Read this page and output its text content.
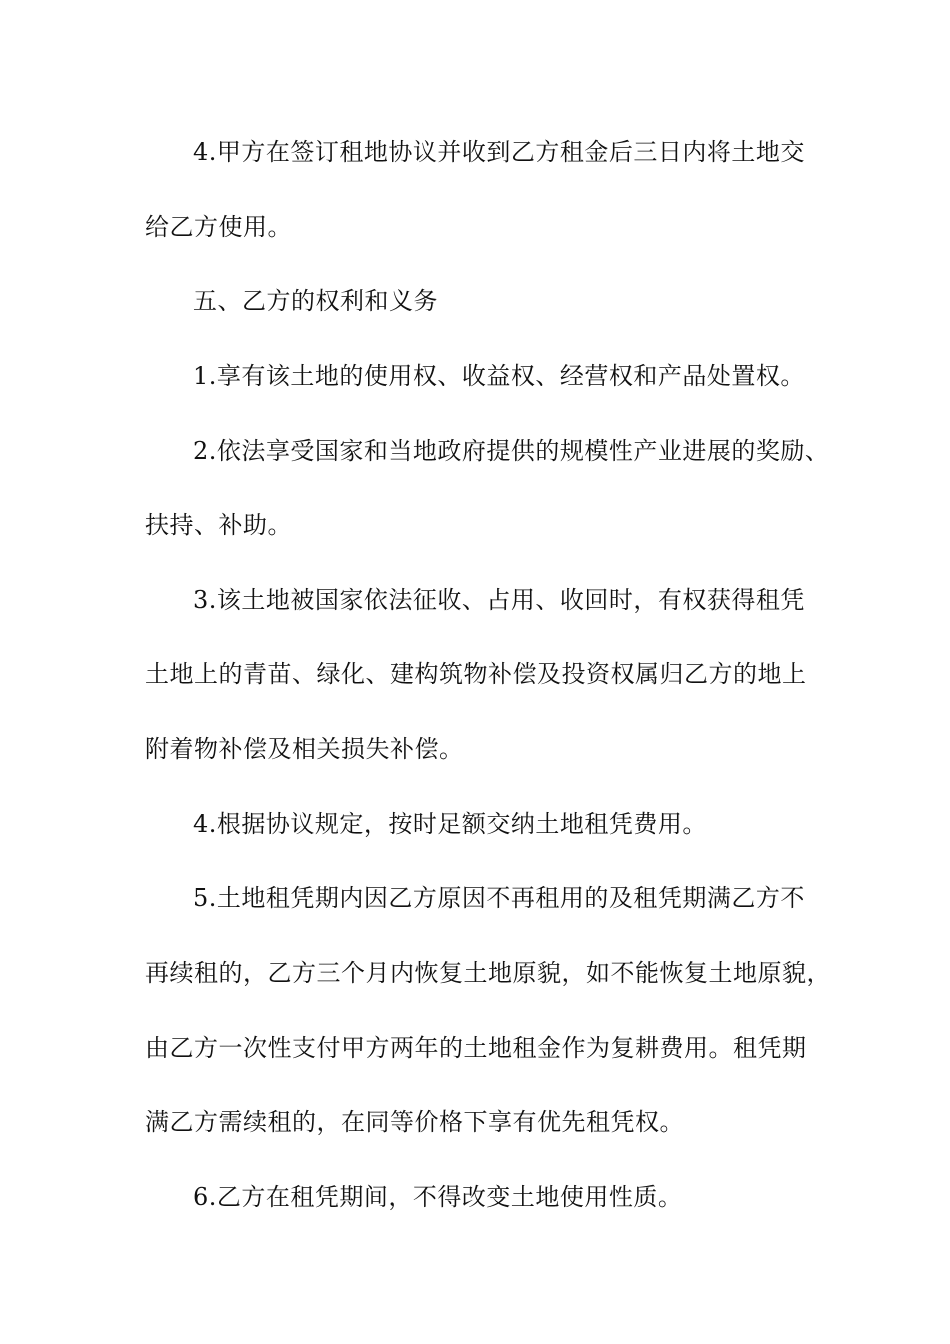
4.甲方在签订租地协议并收到乙方租金后三日内将土地交
给乙方使用。
五、乙方的权利和义务
1.享有该土地的使用权、收益权、经营权和产品处置权。
2.依法享受国家和当地政府提供的规模性产业进展的奖励、
扶持、补助。
3.该土地被国家依法征收、占用、收回时，有权获得租凭
土地上的青苗、绿化、建构筑物补偿及投资权属归乙方的地上
附着物补偿及相关损失补偿。
4.根据协议规定，按时足额交纳土地租凭费用。
5.土地租凭期内因乙方原因不再租用的及租凭期满乙方不
再续租的，乙方三个月内恢复土地原貌，如不能恢复土地原貌，
由乙方一次性支付甲方两年的土地租金作为复耕费用。租凭期
满乙方需续租的，在同等价格下享有优先租凭权。
6.乙方在租凭期间，不得改变土地使用性质。
